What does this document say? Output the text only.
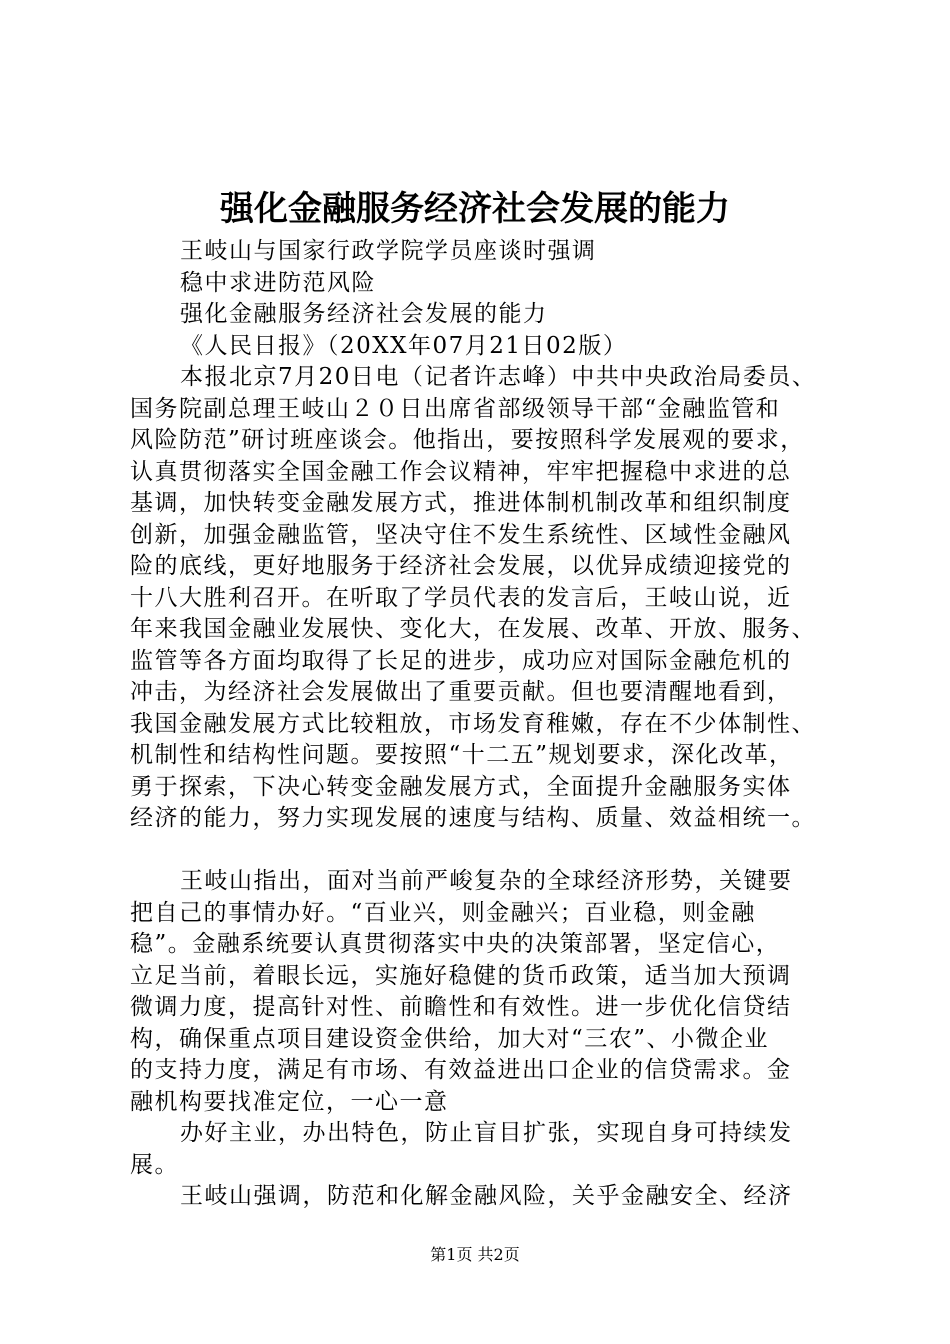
强化金融服务经济社会发展的能力
王岐山与国家行政学院学员座谈时强调
稳中求进防范风险
强化金融服务经济社会发展的能力
《人民日报》（20XX年07月21日02版）
本报北京7月20日电（记者许志峰）中共中央政治局委员、
国务院副总理王岐山２０日出席省部级领导干部“金融监管和
风险防范”研讨班座谈会。他指出，要按照科学发展观的要求，
认真贯彻落实全国金融工作会议精神，牢牢把握稳中求进的总
基调，加快转变金融发展方式，推进体制机制改革和组织制度
创新，加强金融监管，坚决守住不发生系统性、区域性金融风
险的底线，更好地服务于经济社会发展，以优异成绩迎接党的
十八大胜利召开。在听取了学员代表的发言后，王岐山说，近
年来我国金融业发展快、变化大，在发展、改革、开放、服务、
监管等各方面均取得了长足的进步，成功应对国际金融危机的
冲击，为经济社会发展做出了重要贡献。但也要清醒地看到，
我国金融发展方式比较粗放，市场发育稚嫩，存在不少体制性、
机制性和结构性问题。要按照“十二五”规划要求，深化改革，
勇于探索，下决心转变金融发展方式，全面提升金融服务实体
经济的能力，努力实现发展的速度与结构、质量、效益相统一。
王岐山指出，面对当前严峻复杂的全球经济形势，关键要
把自己的事情办好。“百业兴，则金融兴；百业稳，则金融
稳”。金融系统要认真贯彻落实中央的决策部署，坚定信心，
立足当前，着眼长远，实施好稳健的货币政策，适当加大预调
微调力度，提高针对性、前瞻性和有效性。进一步优化信贷结
构，确保重点项目建设资金供给，加大对“三农”、小微企业
的支持力度，满足有市场、有效益进出口企业的信贷需求。金
融机构要找准定位，一心一意
办好主业，办出特色，防止盲目扩张，实现自身可持续发
展。
王岐山强调，防范和化解金融风险，关乎金融安全、经济
第1页 共2页
